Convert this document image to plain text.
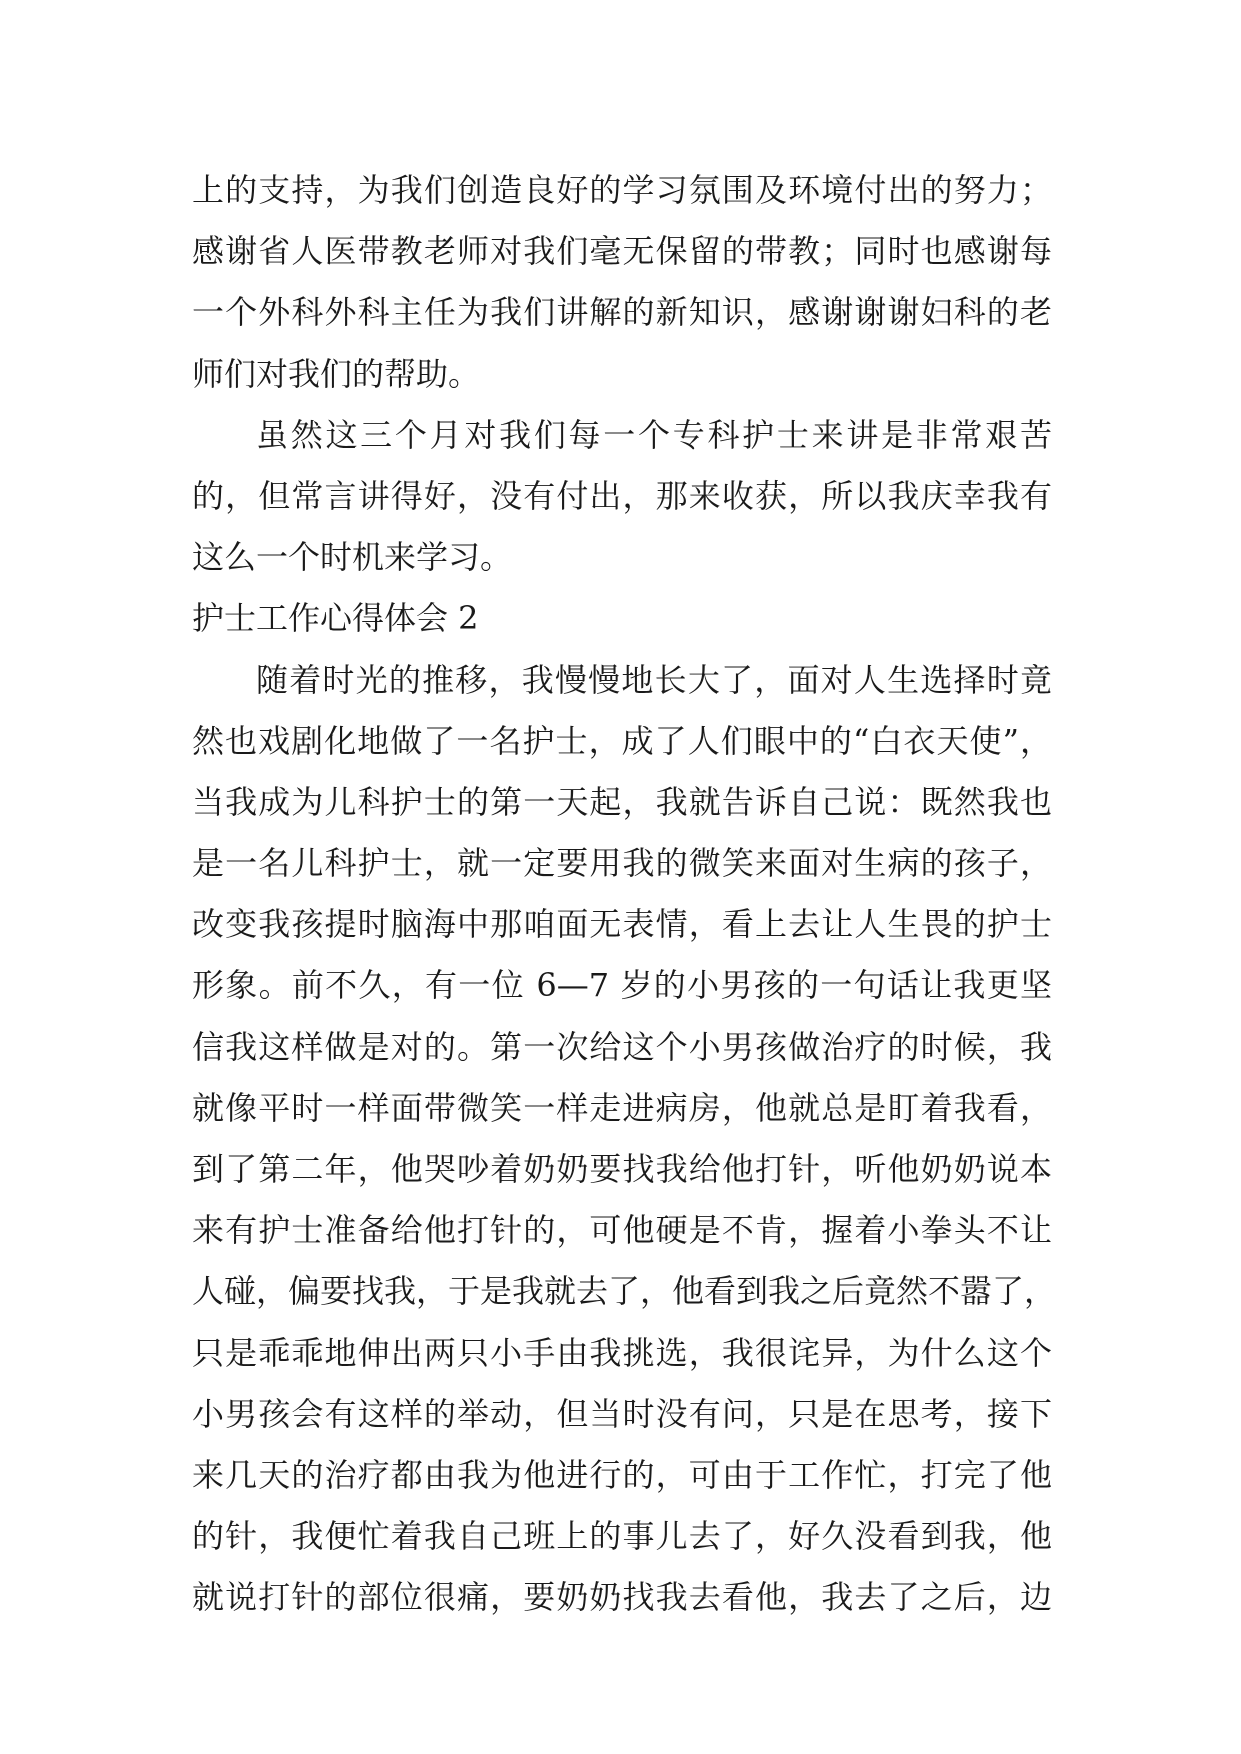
上的支持，为我们创造良好的学习氛围及环境付出的努力；
感谢省人医带教老师对我们毫无保留的带教；同时也感谢每
一个外科外科主任为我们讲解的新知识，感谢谢谢妇科的老
师们对我们的帮助。
虽然这三个月对我们每一个专科护士来讲是非常艰苦
的，但常言讲得好，没有付出，那来收获，所以我庆幸我有
这么一个时机来学习。
护士工作心得体会 2
随着时光的推移，我慢慢地长大了，面对人生选择时竟
然也戏剧化地做了一名护士，成了人们眼中的“白衣天使”，
当我成为儿科护士的第一天起，我就告诉自己说：既然我也
是一名儿科护士，就一定要用我的微笑来面对生病的孩子，
改变我孩提时脑海中那咱面无表情，看上去让人生畏的护士
形象。前不久，有一位 6—7 岁的小男孩的一句话让我更坚
信我这样做是对的。第一次给这个小男孩做治疗的时候，我
就像平时一样面带微笑一样走进病房，他就总是盯着我看，
到了第二年，他哭吵着奶奶要找我给他打针，听他奶奶说本
来有护士准备给他打针的，可他硬是不肯，握着小拳头不让
人碰，偏要找我，于是我就去了，他看到我之后竟然不嚣了，
只是乖乖地伸出两只小手由我挑选，我很诧异，为什么这个
小男孩会有这样的举动，但当时没有问，只是在思考，接下
来几天的治疗都由我为他进行的，可由于工作忙，打完了他
的针，我便忙着我自己班上的事儿去了，好久没看到我，他
就说打针的部位很痛，要奶奶找我去看他，我去了之后，边
